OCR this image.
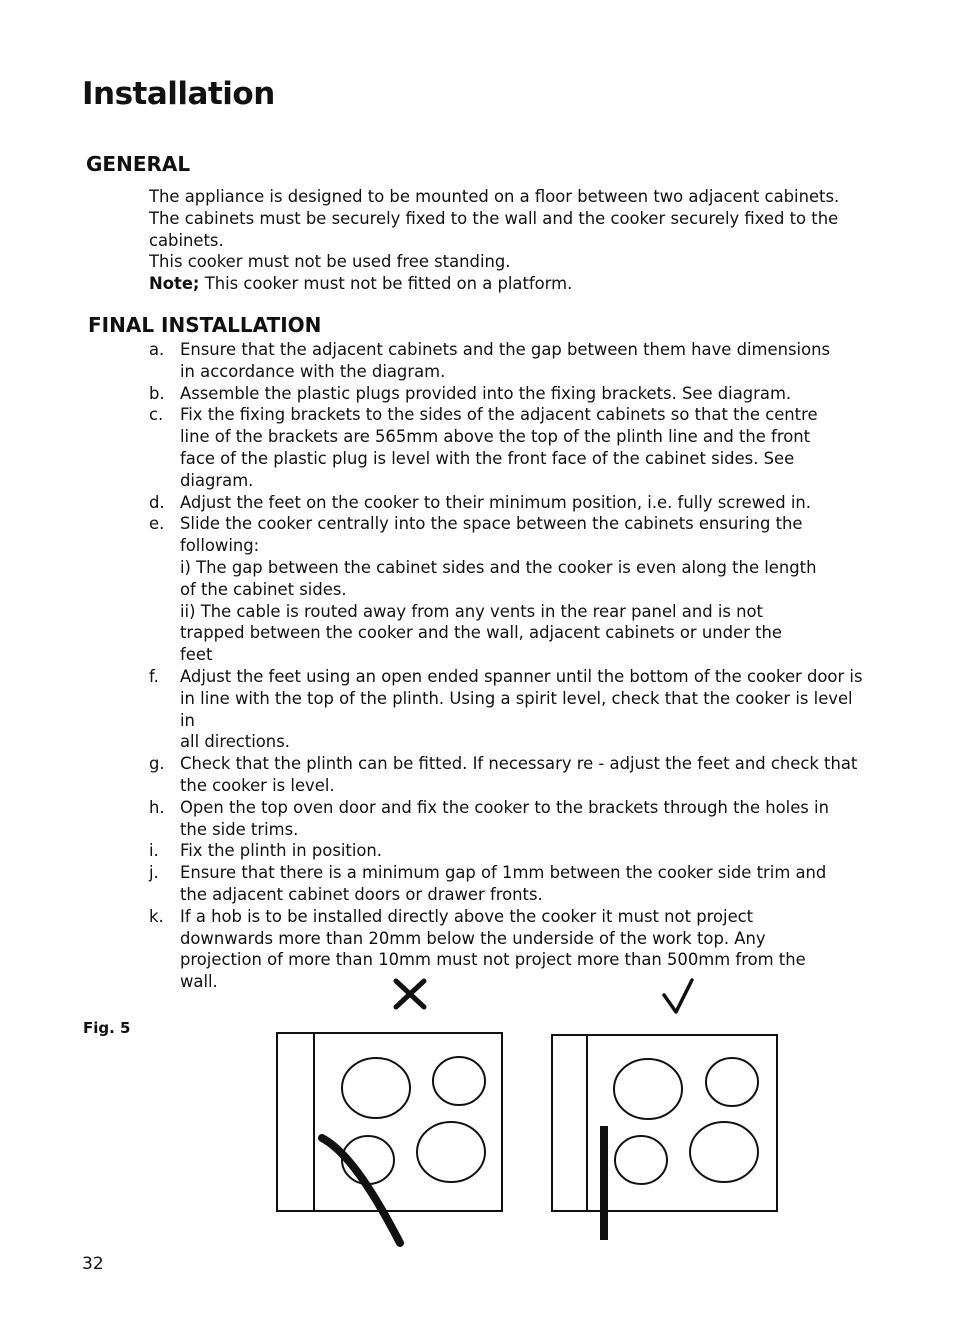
Installation
GENERAL

The appliance is designed to be mounted on a floor between two adjacent cabinets.

The cabinets must be securely fixed to the wall and the cooker securely fixed to the

cabinets.

This cooker must not be used free standing.

Note; This cooker must not be fitted on a platform.

FINAL INSTALLATION
a. Ensure that the adjacent cabinets and the gap between them have dimensions
in accordance with the diagram.
b. Assemble the plastic plugs provided into the fixing brackets. See diagram.
c. Fix the fixing brackets to the sides of the adjacent cabinets so that the centre
line of the brackets are 565mm above the top of the plinth line and the front
face of the plastic plug is level with the front face of the cabinet sides. See diagram.
d. Adjust the feet on the cooker to their minimum position, i.e. fully screwed in.
e. Slide the cooker centrally into the space between the cabinets ensuring the
following:

i) The gap between the cabinet sides and the cooker is even along the length

of the cabinet sides.

ii) The cable is routed away from any vents in the rear panel and is not

trapped between the cooker and the wall, adjacent cabinets or under the

feet

f. Adjust the feet using an open ended spanner until the bottom of the cooker door is
in line with the top of the plinth. Using a spirit level, check that the cooker is level in
all directions.
g. Check that the plinth can be fitted. If necessary re - adjust the feet and check that
the cooker is level.
h. Open the top oven door and fix the cooker to the brackets through the holes in
the side trims.
i. Fix the plinth in position.
j. Ensure that there is a minimum gap of 1mm between the cooker side trim and
the adjacent cabinet doors or drawer fronts.
k. If a hob is to be installed directly above the cooker it must not project
downwards more than 20mm below the underside of the work top. Any
projection of more than 10mm must not project more than 500mm from the
wall.
Fig. 5
32
